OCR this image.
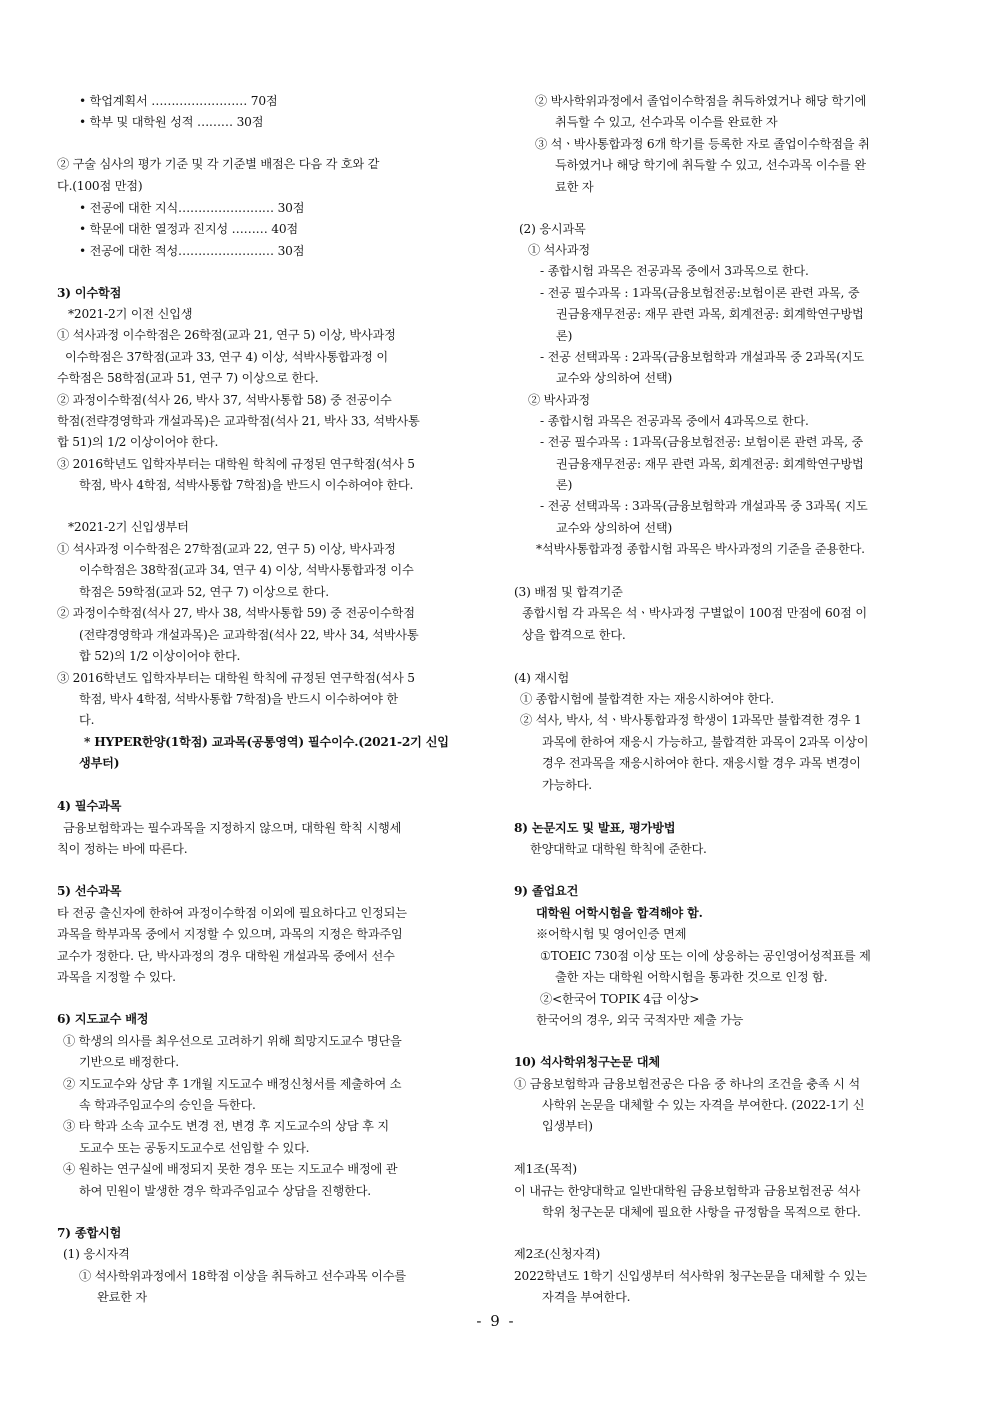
• 학업계획서 …………………… 70점
• 학부 및 대학원 성적 ……… 30점
② 구술 심사의 평가 기준 및 각 기준별 배점은 다음 각 호와 같
다.(100점 만점)
• 전공에 대한 지식…………………… 30점
• 학문에 대한 열정과 진지성 ……… 40점
• 전공에 대한 적성…………………… 30점
3) 이수학점
*2021-2기 이전 신입생
① 석사과정 이수학점은 26학점(교과 21, 연구 5) 이상, 박사과정
이수학점은 37학점(교과 33, 연구 4) 이상, 석박사통합과정 이
수학점은 58학점(교과 51, 연구 7) 이상으로 한다.
② 과정이수학점(석사 26, 박사 37, 석박사통합 58) 중 전공이수
학점(전략경영학과 개설과목)은 교과학점(석사 21, 박사 33, 석박사통
합 51)의 1/2 이상이어야 한다.
③ 2016학년도 입학자부터는 대학원 학칙에 규정된 연구학점(석사 5
학점, 박사 4학점, 석박사통합 7학점)을 반드시 이수하여야 한다.
*2021-2기 신입생부터
① 석사과정 이수학점은 27학점(교과 22, 연구 5) 이상, 박사과정
이수학점은 38학점(교과 34, 연구 4) 이상, 석박사통합과정 이수
학점은 59학점(교과 52, 연구 7) 이상으로 한다.
② 과정이수학점(석사 27, 박사 38, 석박사통합 59) 중 전공이수학점
(전략경영학과 개설과목)은 교과학점(석사 22, 박사 34, 석박사통
합 52)의 1/2 이상이어야 한다.
③ 2016학년도 입학자부터는 대학원 학칙에 규정된 연구학점(석사 5
학점, 박사 4학점, 석박사통합 7학점)을 반드시 이수하여야 한
다.
* HYPER한양(1학점) 교과목(공통영역) 필수이수.(2021-2기 신입
생부터)
4) 필수과목
금융보험학과는 필수과목을 지정하지 않으며, 대학원 학칙 시행세
칙이 정하는 바에 따른다.
5) 선수과목
타 전공 출신자에 한하여 과정이수학점 이외에 필요하다고 인정되는
과목을 학부과목 중에서 지정할 수 있으며, 과목의 지정은 학과주임
교수가 정한다. 단, 박사과정의 경우 대학원 개설과목 중에서 선수
과목을 지정할 수 있다.
6) 지도교수 배정
① 학생의 의사를 최우선으로 고려하기 위해 희망지도교수 명단을
기반으로 배정한다.
② 지도교수와 상담 후 1개월 지도교수 배정신청서를 제출하여 소
속 학과주임교수의 승인을 득한다.
③ 타 학과 소속 교수도 변경 전, 변경 후 지도교수의 상담 후 지
도교수 또는 공동지도교수로 선임할 수 있다.
④ 원하는 연구실에 배정되지 못한 경우 또는 지도교수 배정에 관
하여 민원이 발생한 경우 학과주임교수 상담을 진행한다.
7) 종합시험
(1) 응시자격
① 석사학위과정에서 18학점 이상을 취득하고 선수과목 이수를
완료한 자
② 박사학위과정에서 졸업이수학점을 취득하였거나 해당 학기에
취득할 수 있고, 선수과목 이수를 완료한 자
③ 석ㆍ박사통합과정 6개 학기를 등록한 자로 졸업이수학점을 취
득하였거나 해당 학기에 취득할 수 있고, 선수과목 이수를 완
료한 자
(2) 응시과목
① 석사과정
- 종합시험 과목은 전공과목 중에서 3과목으로 한다.
- 전공 필수과목 : 1과목(금융보험전공:보험이론 관련 과목, 중
권금융재무전공: 재무 관련 과목, 회계전공: 회계학연구방법
론)
- 전공 선택과목 : 2과목(금융보험학과 개설과목 중 2과목(지도
교수와 상의하여 선택)
② 박사과정
- 종합시험 과목은 전공과목 중에서 4과목으로 한다.
- 전공 필수과목 : 1과목(금융보험전공: 보험이론 관련 과목, 중
권금융재무전공: 재무 관련 과목, 회계전공: 회계학연구방법
론)
- 전공 선택과목 : 3과목(금융보험학과 개설과목 중 3과목( 지도
교수와 상의하여 선택)
*석박사통합과정 종합시험 과목은 박사과정의 기준을 준용한다.
(3) 배점 및 합격기준
종합시험 각 과목은 석ㆍ박사과정 구별없이 100점 만점에 60점 이
상을 합격으로 한다.
(4) 재시험
① 종합시험에 불합격한 자는 재응시하여야 한다.
② 석사, 박사, 석ㆍ박사통합과정 학생이 1과목만 불합격한 경우 1
과목에 한하여 재응시 가능하고, 불합격한 과목이 2과목 이상이
경우 전과목을 재응시하여야 한다. 재응시할 경우 과목 변경이
가능하다.
8) 논문지도 및 발표, 평가방법
한양대학교 대학원 학칙에 준한다.
9) 졸업요건
대학원 어학시험을 합격해야 함.
※어학시험 및 영어인증 면제
①TOEIC 730점 이상 또는 이에 상응하는 공인영어성적표를 제
출한 자는 대학원 어학시험을 통과한 것으로 인정 함.
②<한국어 TOPIK 4급 이상>
한국어의 경우, 외국 국적자만 제출 가능
10) 석사학위청구논문 대체
① 금융보험학과 금융보험전공은 다음 중 하나의 조건을 충족 시 석
사학위 논문을 대체할 수 있는 자격을 부여한다. (2022-1기 신
입생부터)
제1조(목적)
이 내규는 한양대학교 일반대학원 금융보험학과 금융보험전공 석사
학위 청구논문 대체에 필요한 사항을 규정함을 목적으로 한다.
제2조(신청자격)
2022학년도 1학기 신입생부터 석사학위 청구논문을 대체할 수 있는
자격을 부여한다.
- 9 -
